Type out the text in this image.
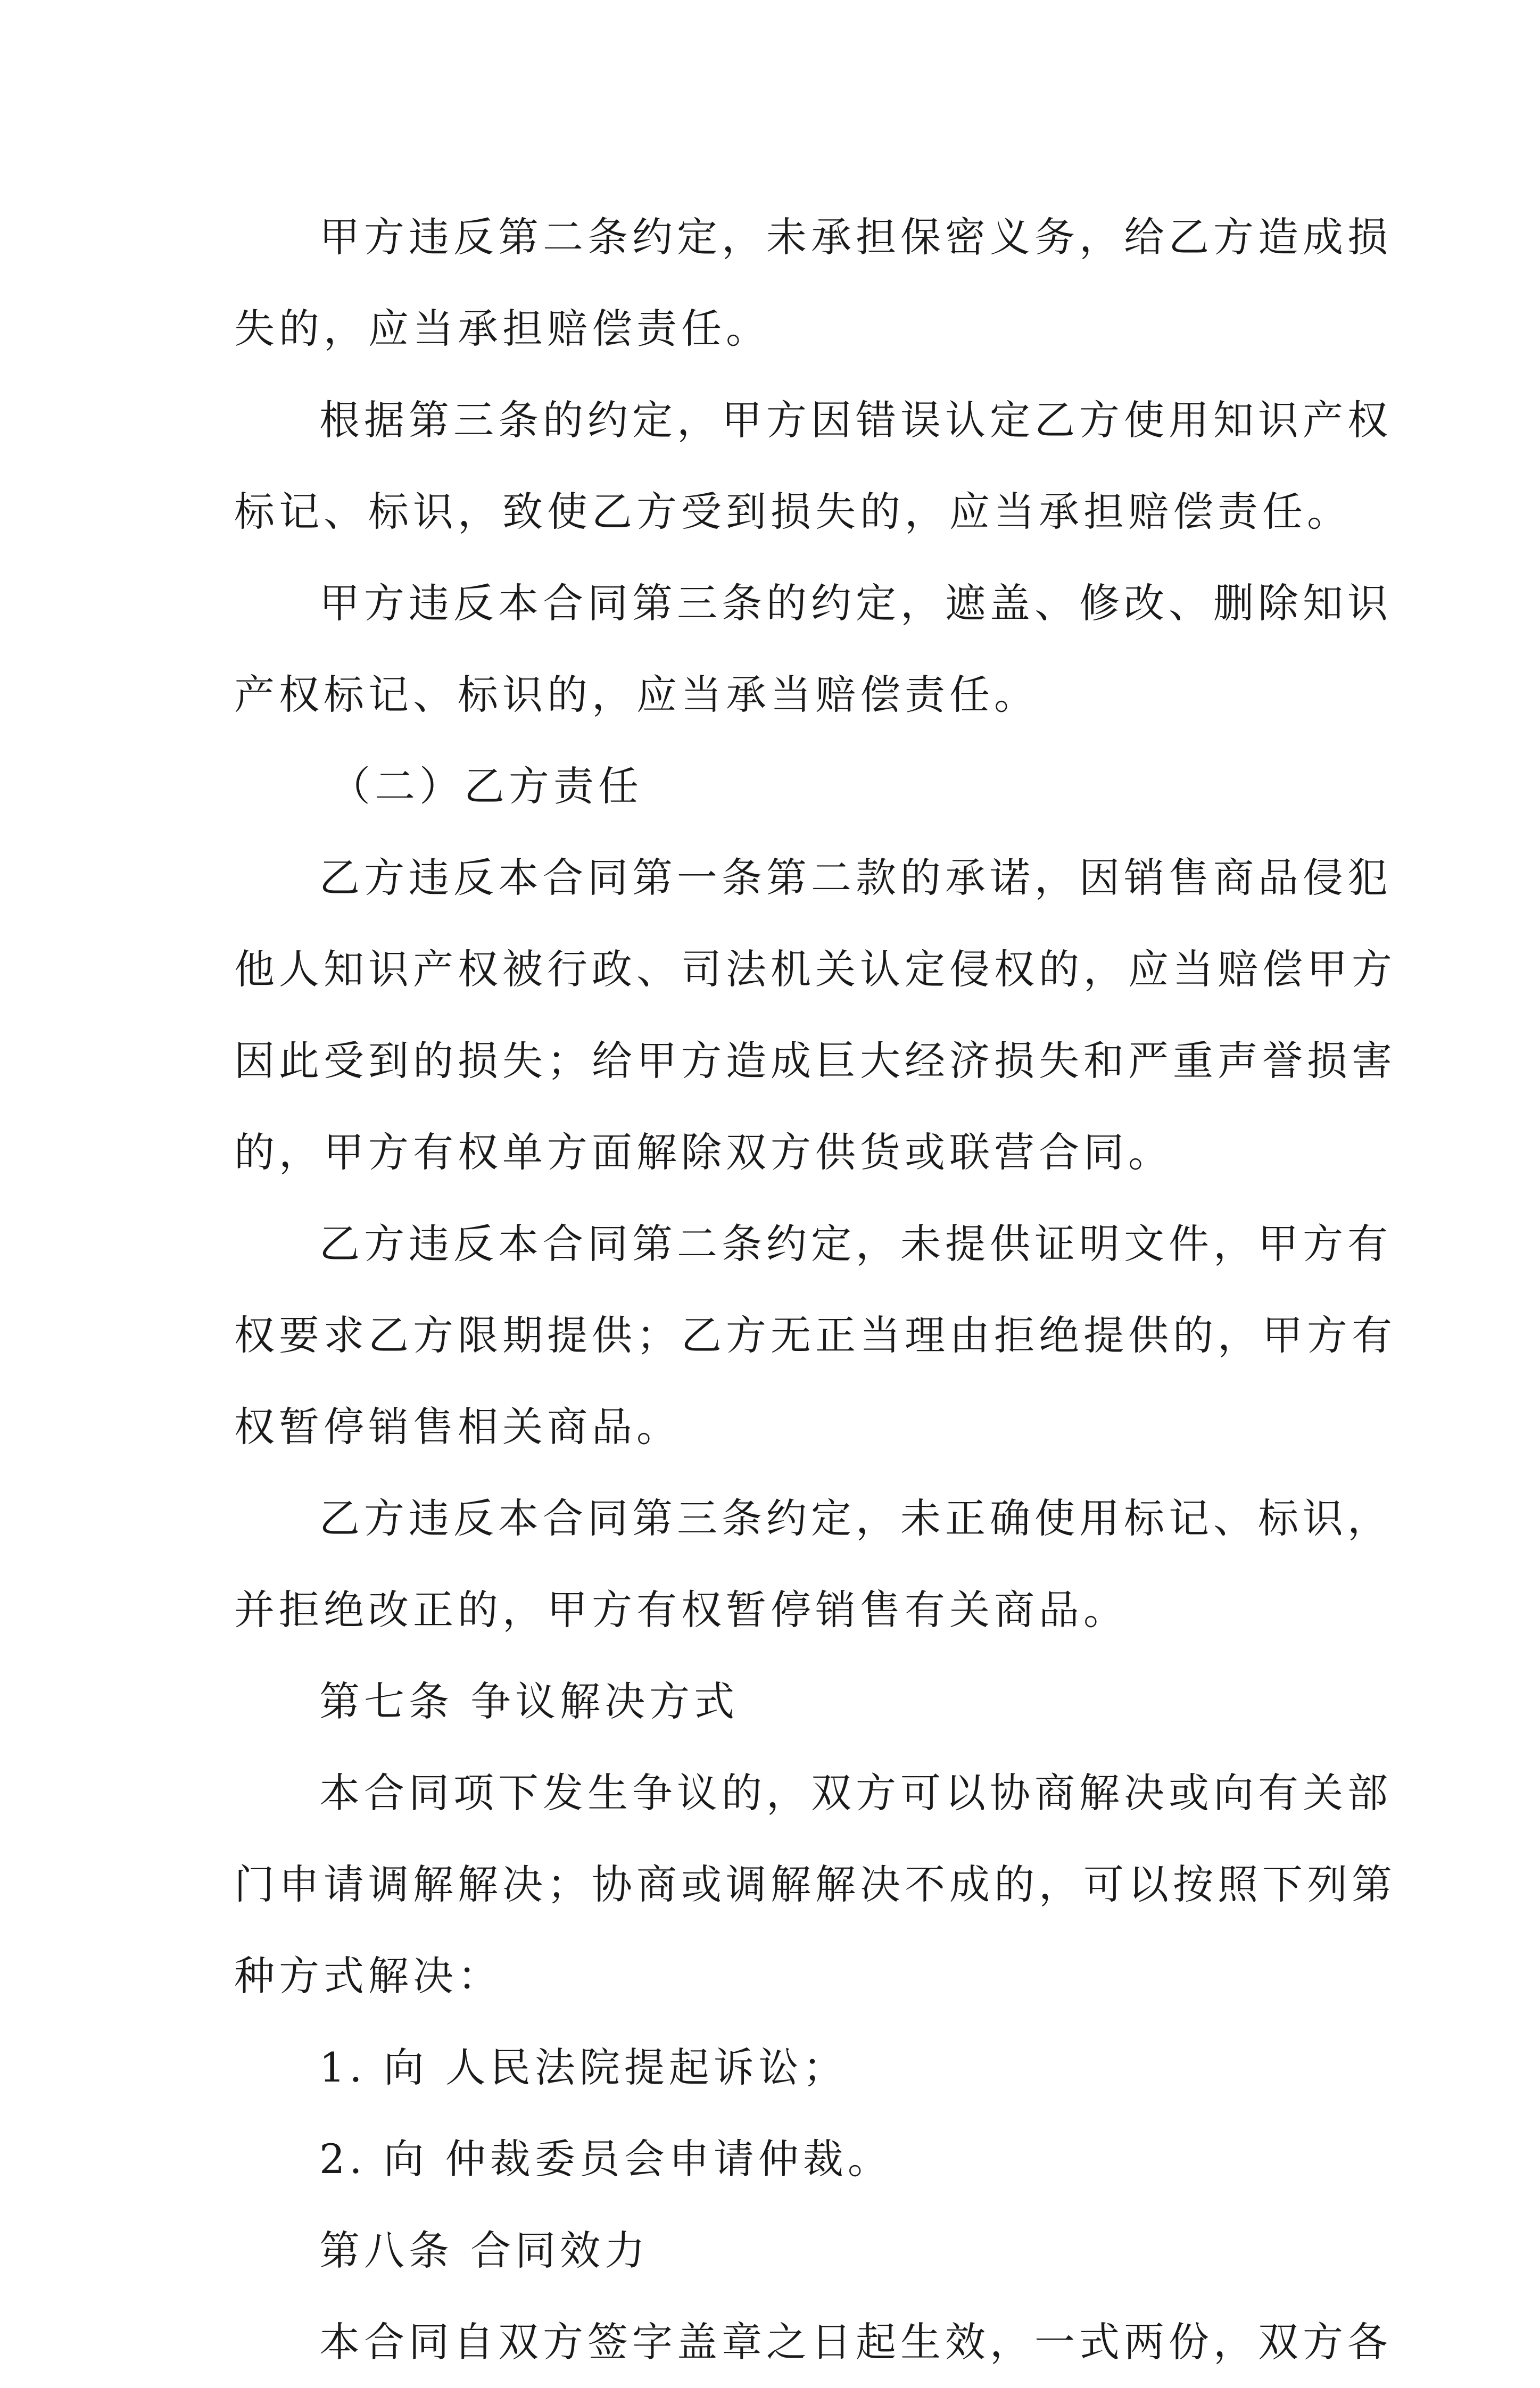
甲方违反第二条约定，未承担保密义务，给乙方造成损
失的，应当承担赔偿责任。
根据第三条的约定，甲方因错误认定乙方使用知识产权
标记、标识，致使乙方受到损失的，应当承担赔偿责任。
甲方违反本合同第三条的约定，遮盖、修改、删除知识
产权标记、标识的，应当承当赔偿责任。
（二）乙方责任
乙方违反本合同第一条第二款的承诺，因销售商品侵犯
他人知识产权被行政、司法机关认定侵权的，应当赔偿甲方
因此受到的损失；给甲方造成巨大经济损失和严重声誉损害
的，甲方有权单方面解除双方供货或联营合同。
乙方违反本合同第二条约定，未提供证明文件，甲方有
权要求乙方限期提供；乙方无正当理由拒绝提供的，甲方有
权暂停销售相关商品。
乙方违反本合同第三条约定，未正确使用标记、标识，
并拒绝改正的，甲方有权暂停销售有关商品。
第七条 争议解决方式
本合同项下发生争议的，双方可以协商解决或向有关部
门申请调解解决；协商或调解解决不成的，可以按照下列第
种方式解决：
1. 向 人民法院提起诉讼；
2. 向 仲裁委员会申请仲裁。
第八条 合同效力
本合同自双方签字盖章之日起生效，一式两份，双方各
